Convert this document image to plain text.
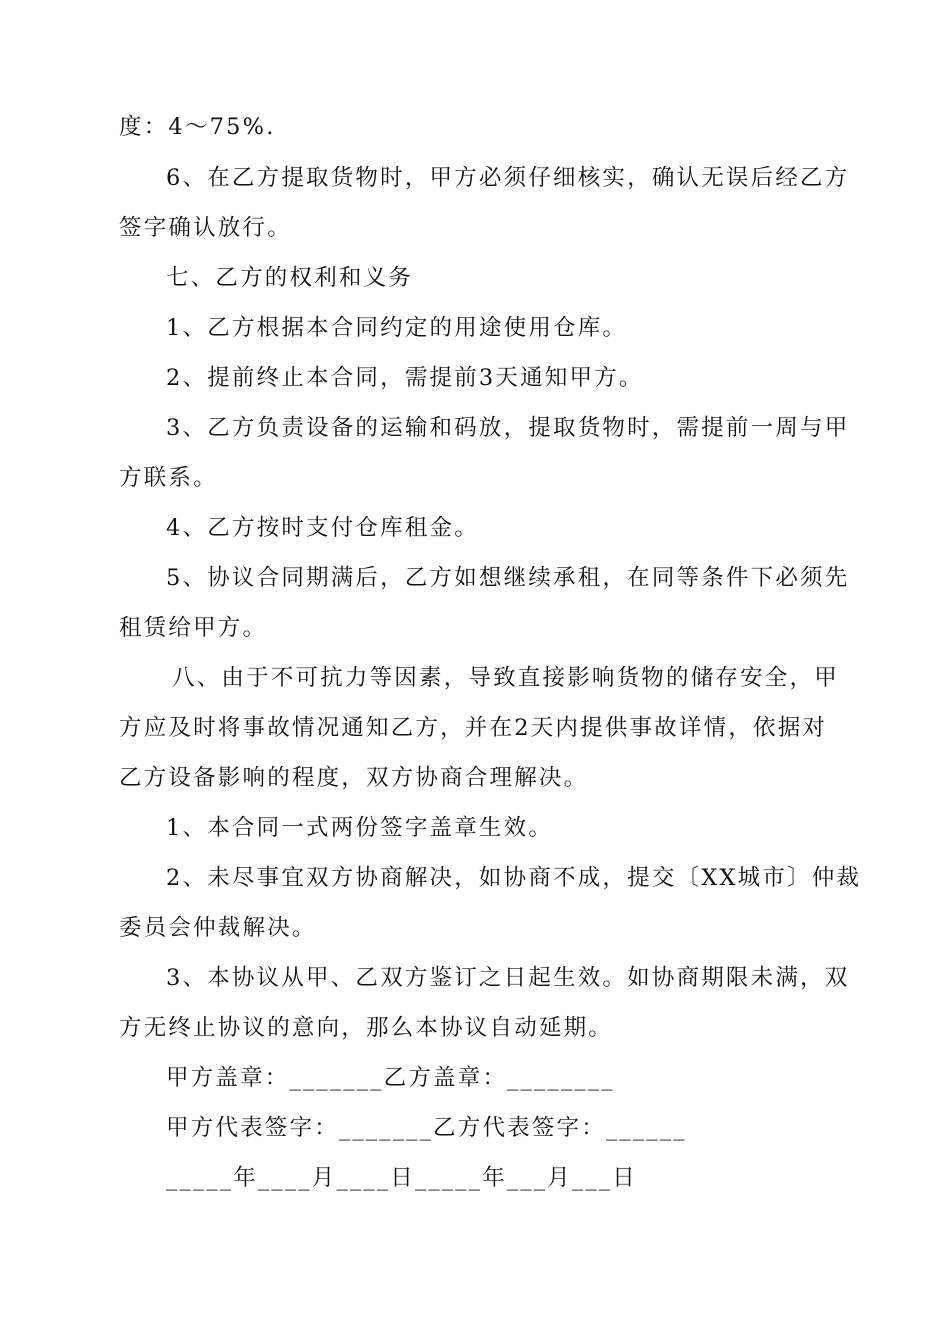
度：4～75%.
6、在乙方提取货物时，甲方必须仔细核实，确认无误后经乙方
签字确认放行。
七、乙方的权利和义务
1、乙方根据本合同约定的用途使用仓库。
2、提前终止本合同，需提前3天通知甲方。
3、乙方负责设备的运输和码放，提取货物时，需提前一周与甲
方联系。
4、乙方按时支付仓库租金。
5、协议合同期满后，乙方如想继续承租，在同等条件下必须先
租赁给甲方。
八、由于不可抗力等因素，导致直接影响货物的储存安全，甲
方应及时将事故情况通知乙方，并在2天内提供事故详情，依据对
乙方设备影响的程度，双方协商合理解决。
1、本合同一式两份签字盖章生效。
2、未尽事宜双方协商解决，如协商不成，提交〔XX城市〕仲裁
委员会仲裁解决。
3、本协议从甲、乙双方鉴订之日起生效。如协商期限未满，双
方无终止协议的意向，那么本协议自动延期。
甲方盖章：_______乙方盖章：________
甲方代表签字：_______乙方代表签字：______
_____年____月____日_____年___月___日
